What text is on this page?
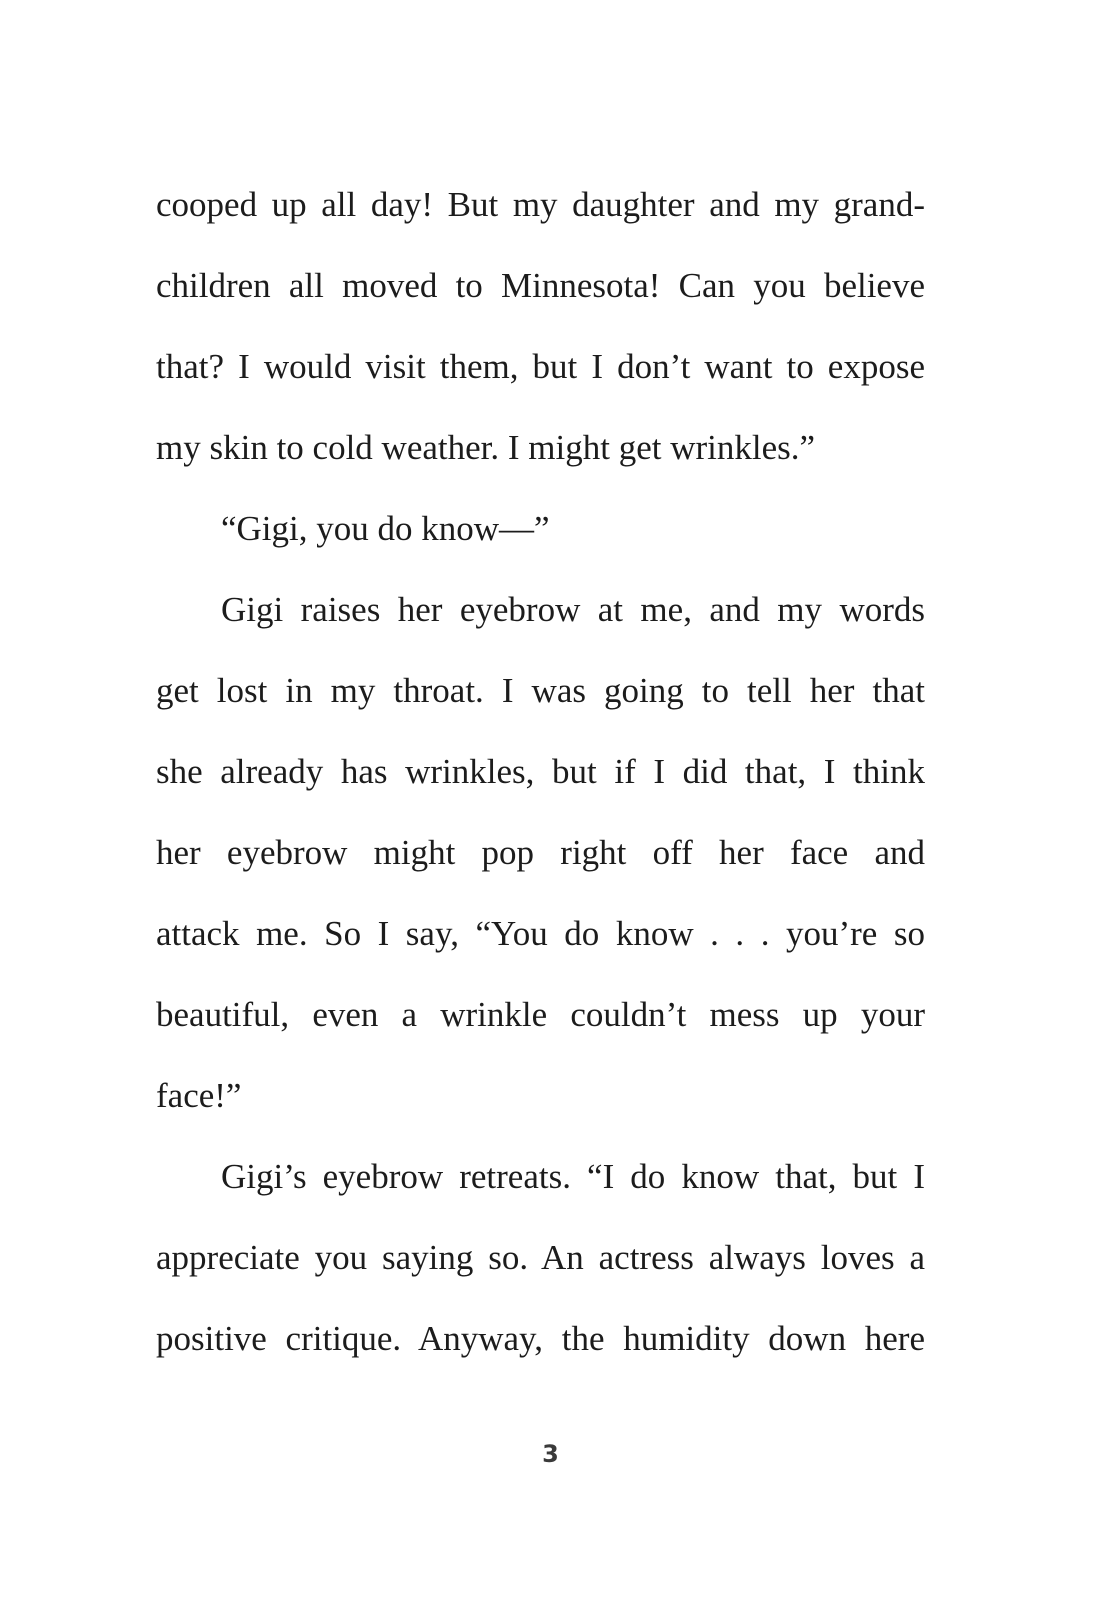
cooped up all day! But my daughter and my grand-
children all moved to Minnesota! Can you believe
that? I would visit them, but I don’t want to expose
my skin to cold weather. I might get wrinkles.”
“Gigi, you do know—”
Gigi raises her eyebrow at me, and my words
get lost in my throat. I was going to tell her that
she already has wrinkles, but if I did that, I think
her eyebrow might pop right off her face and
attack me. So I say, “You do know . . . you’re so
beautiful, even a wrinkle couldn’t mess up your
face!”
Gigi’s eyebrow retreats. “I do know that, but I
appreciate you saying so. An actress always loves a
positive critique. Anyway, the humidity down here
3
